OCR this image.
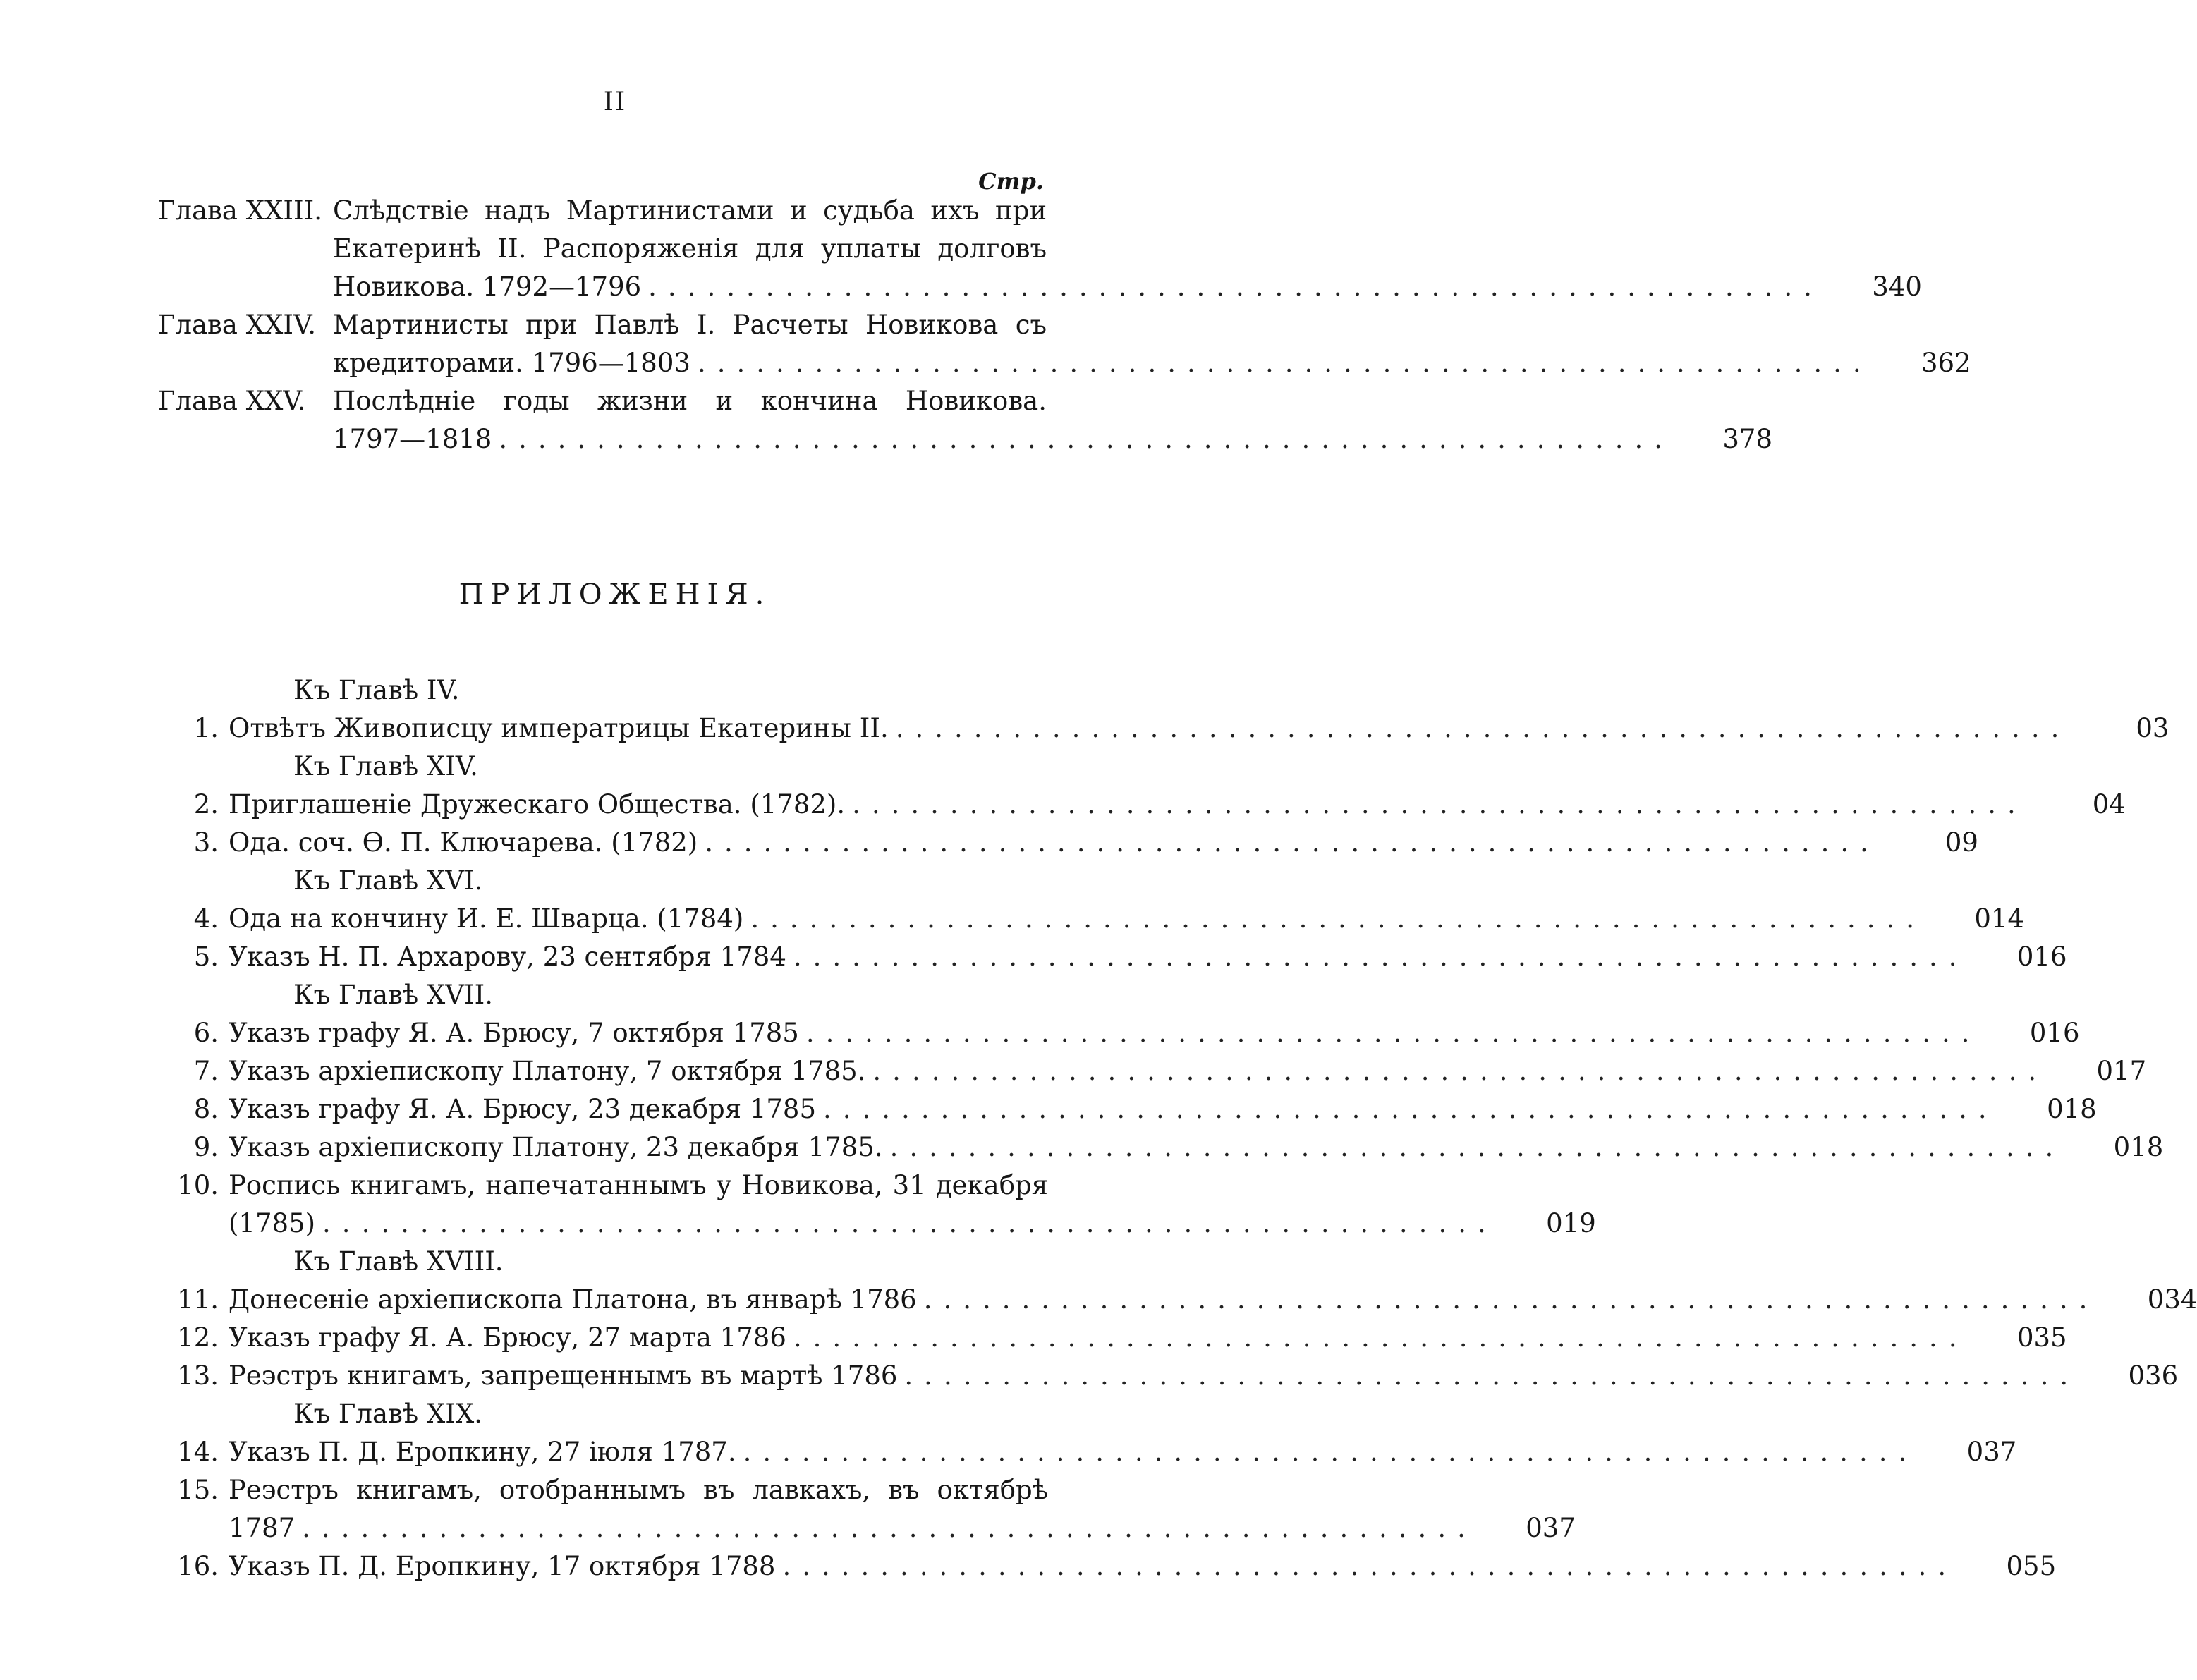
II
Стр.
Глава XXIII. Слѣдствіе надъ Мартинистами и судьба ихъ при
Екатеринѣ II. Распоряженія для уплаты долговъ
Новикова. 1792—1796 ............................................................	340
Глава XXIV. Мартинисты при Павлѣ I. Расчеты Новикова съ
кредиторами. 1796—1803 ............................................................	362
Глава XXV. Послѣдніе годы жизни и кончина Новикова.
1797—1818 ............................................................	378
ПРИЛОЖЕНІЯ.
Къ Главѣ IV.
1. Отвѣтъ Живописцу императрицы Екатерины II. ............................................................	03
Къ Главѣ XIV.
2. Приглашеніе Дружескаго Общества. (1782). ............................................................	04
3. Ода. соч. Ѳ. П. Ключарева. (1782) ............................................................	09
Къ Главѣ XVI.
4. Ода на кончину И. Е. Шварца. (1784) ............................................................	014
5. Указъ Н. П. Архарову, 23 сентября 1784 ............................................................	016
Къ Главѣ XVII.
6. Указъ графу Я. А. Брюсу, 7 октября 1785 ............................................................	016
7. Указъ архіепископу Платону, 7 октября 1785. ............................................................	017
8. Указъ графу Я. А. Брюсу, 23 декабря 1785 ............................................................	018
9. Указъ архіепископу Платону, 23 декабря 1785. ............................................................	018
10. Роспись книгамъ, напечатаннымъ у Новикова, 31 декабря
(1785) ............................................................	019
Къ Главѣ XVIII.
11. Донесеніе архіепископа Платона, въ январѣ 1786 ............................................................	034
12. Указъ графу Я. А. Брюсу, 27 марта 1786 ............................................................	035
13. Реэстръ книгамъ, запрещеннымъ въ мартѣ 1786 ............................................................	036
Къ Главѣ XIX.
14. Указъ П. Д. Еропкину, 27 іюля 1787. ............................................................	037
15. Реэстръ книгамъ, отобраннымъ въ лавкахъ, въ октябрѣ
1787 ............................................................	037
16. Указъ П. Д. Еропкину, 17 октября 1788 ............................................................	055
